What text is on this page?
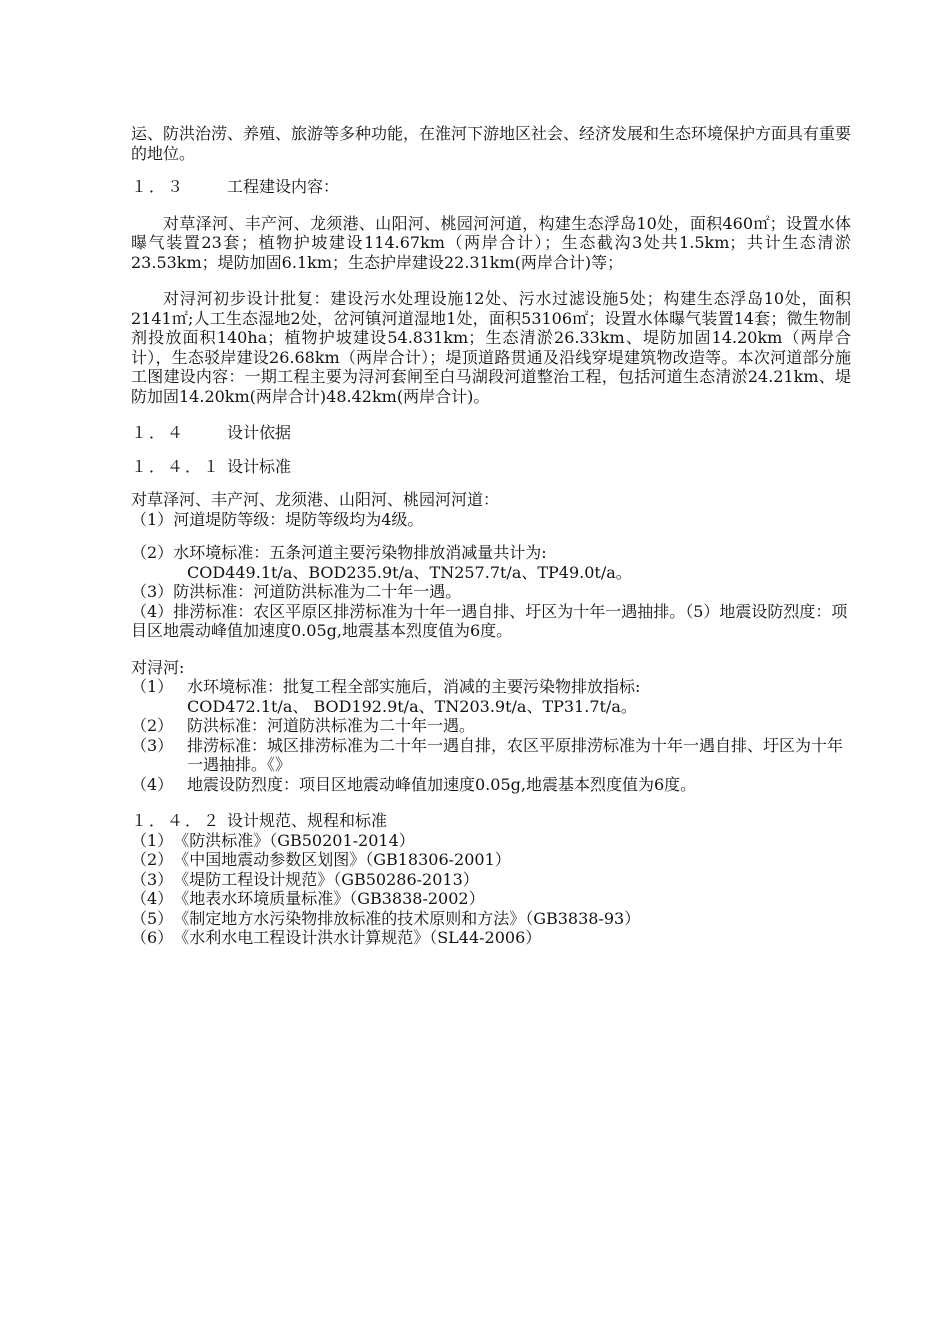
运、防洪治涝、养殖、旅游等多种功能，在淮河下游地区社会、经济发展和生态环境保护方面具有重要的地位。

１．３	工程建设内容：

对草泽河、丰产河、龙须港、山阳河、桃园河河道，构建生态浮岛10处，面积460㎡；设置水体曝气装置23套；植物护坡建设114.67km（两岸合计）；生态截沟3处共1.5km；共计生态清淤23.53km；堤防加固6.1km；生态护岸建设22.31km(两岸合计)等；

对浔河初步设计批复：建设污水处理设施12处、污水过滤设施5处；构建生态浮岛10处，面积2141㎡;人工生态湿地2处，岔河镇河道湿地1处，面积53106㎡；设置水体曝气装置14套；微生物制剂投放面积140ha；植物护坡建设54.831km；生态清淤26.33km、堤防加固14.20km（两岸合计），生态驳岸建设26.68km（两岸合计）；堤顶道路贯通及沿线穿堤建筑物改造等。本次河道部分施工图建设内容：一期工程主要为浔河套闸至白马湖段河道整治工程，包括河道生态清淤24.21km、堤防加固14.20km(两岸合计)48.42km(两岸合计)。

１．４	设计依据

１．４．１ 设计标准

对草泽河、丰产河、龙须港、山阳河、桃园河河道：

（1）河道堤防等级：堤防等级均为4级。

（2）水环境标准：五条河道主要污染物排放消减量共计为:

COD449.1t/a、BOD235.9t/a、TN257.7t/a、TP49.0t/a。

（3）防洪标准：河道防洪标准为二十年一遇。

（4）排涝标准：农区平原区排涝标准为十年一遇自排、圩区为十年一遇抽排。（5）地震设防烈度：项目区地震动峰值加速度0.05g,地震基本烈度值为6度。

对浔河:

（1） 水环境标准：批复工程全部实施后，消减的主要污染物排放指标:
COD472.1t/a、 BOD192.9t/a、TN203.9t/a、TP31.7t/a。
（2） 防洪标准：河道防洪标准为二十年一遇。
（3） 排涝标准：城区排涝标准为二十年一遇自排，农区平原排涝标准为十年一遇自排、圩区为十年一遇抽排。《》
（4） 地震设防烈度：项目区地震动峰值加速度0.05g,地震基本烈度值为6度。

１．４．２ 设计规范、规程和标准

（1）《防洪标准》（GB50201-2014）

（2）《中国地震动参数区划图》（GB18306-2001）

（3）《堤防工程设计规范》（GB50286-2013）

（4）《地表水环境质量标准》（GB3838-2002）

（5）《制定地方水污染物排放标准的技术原则和方法》（GB3838-93）

（6）《水利水电工程设计洪水计算规范》（SL44-2006）
